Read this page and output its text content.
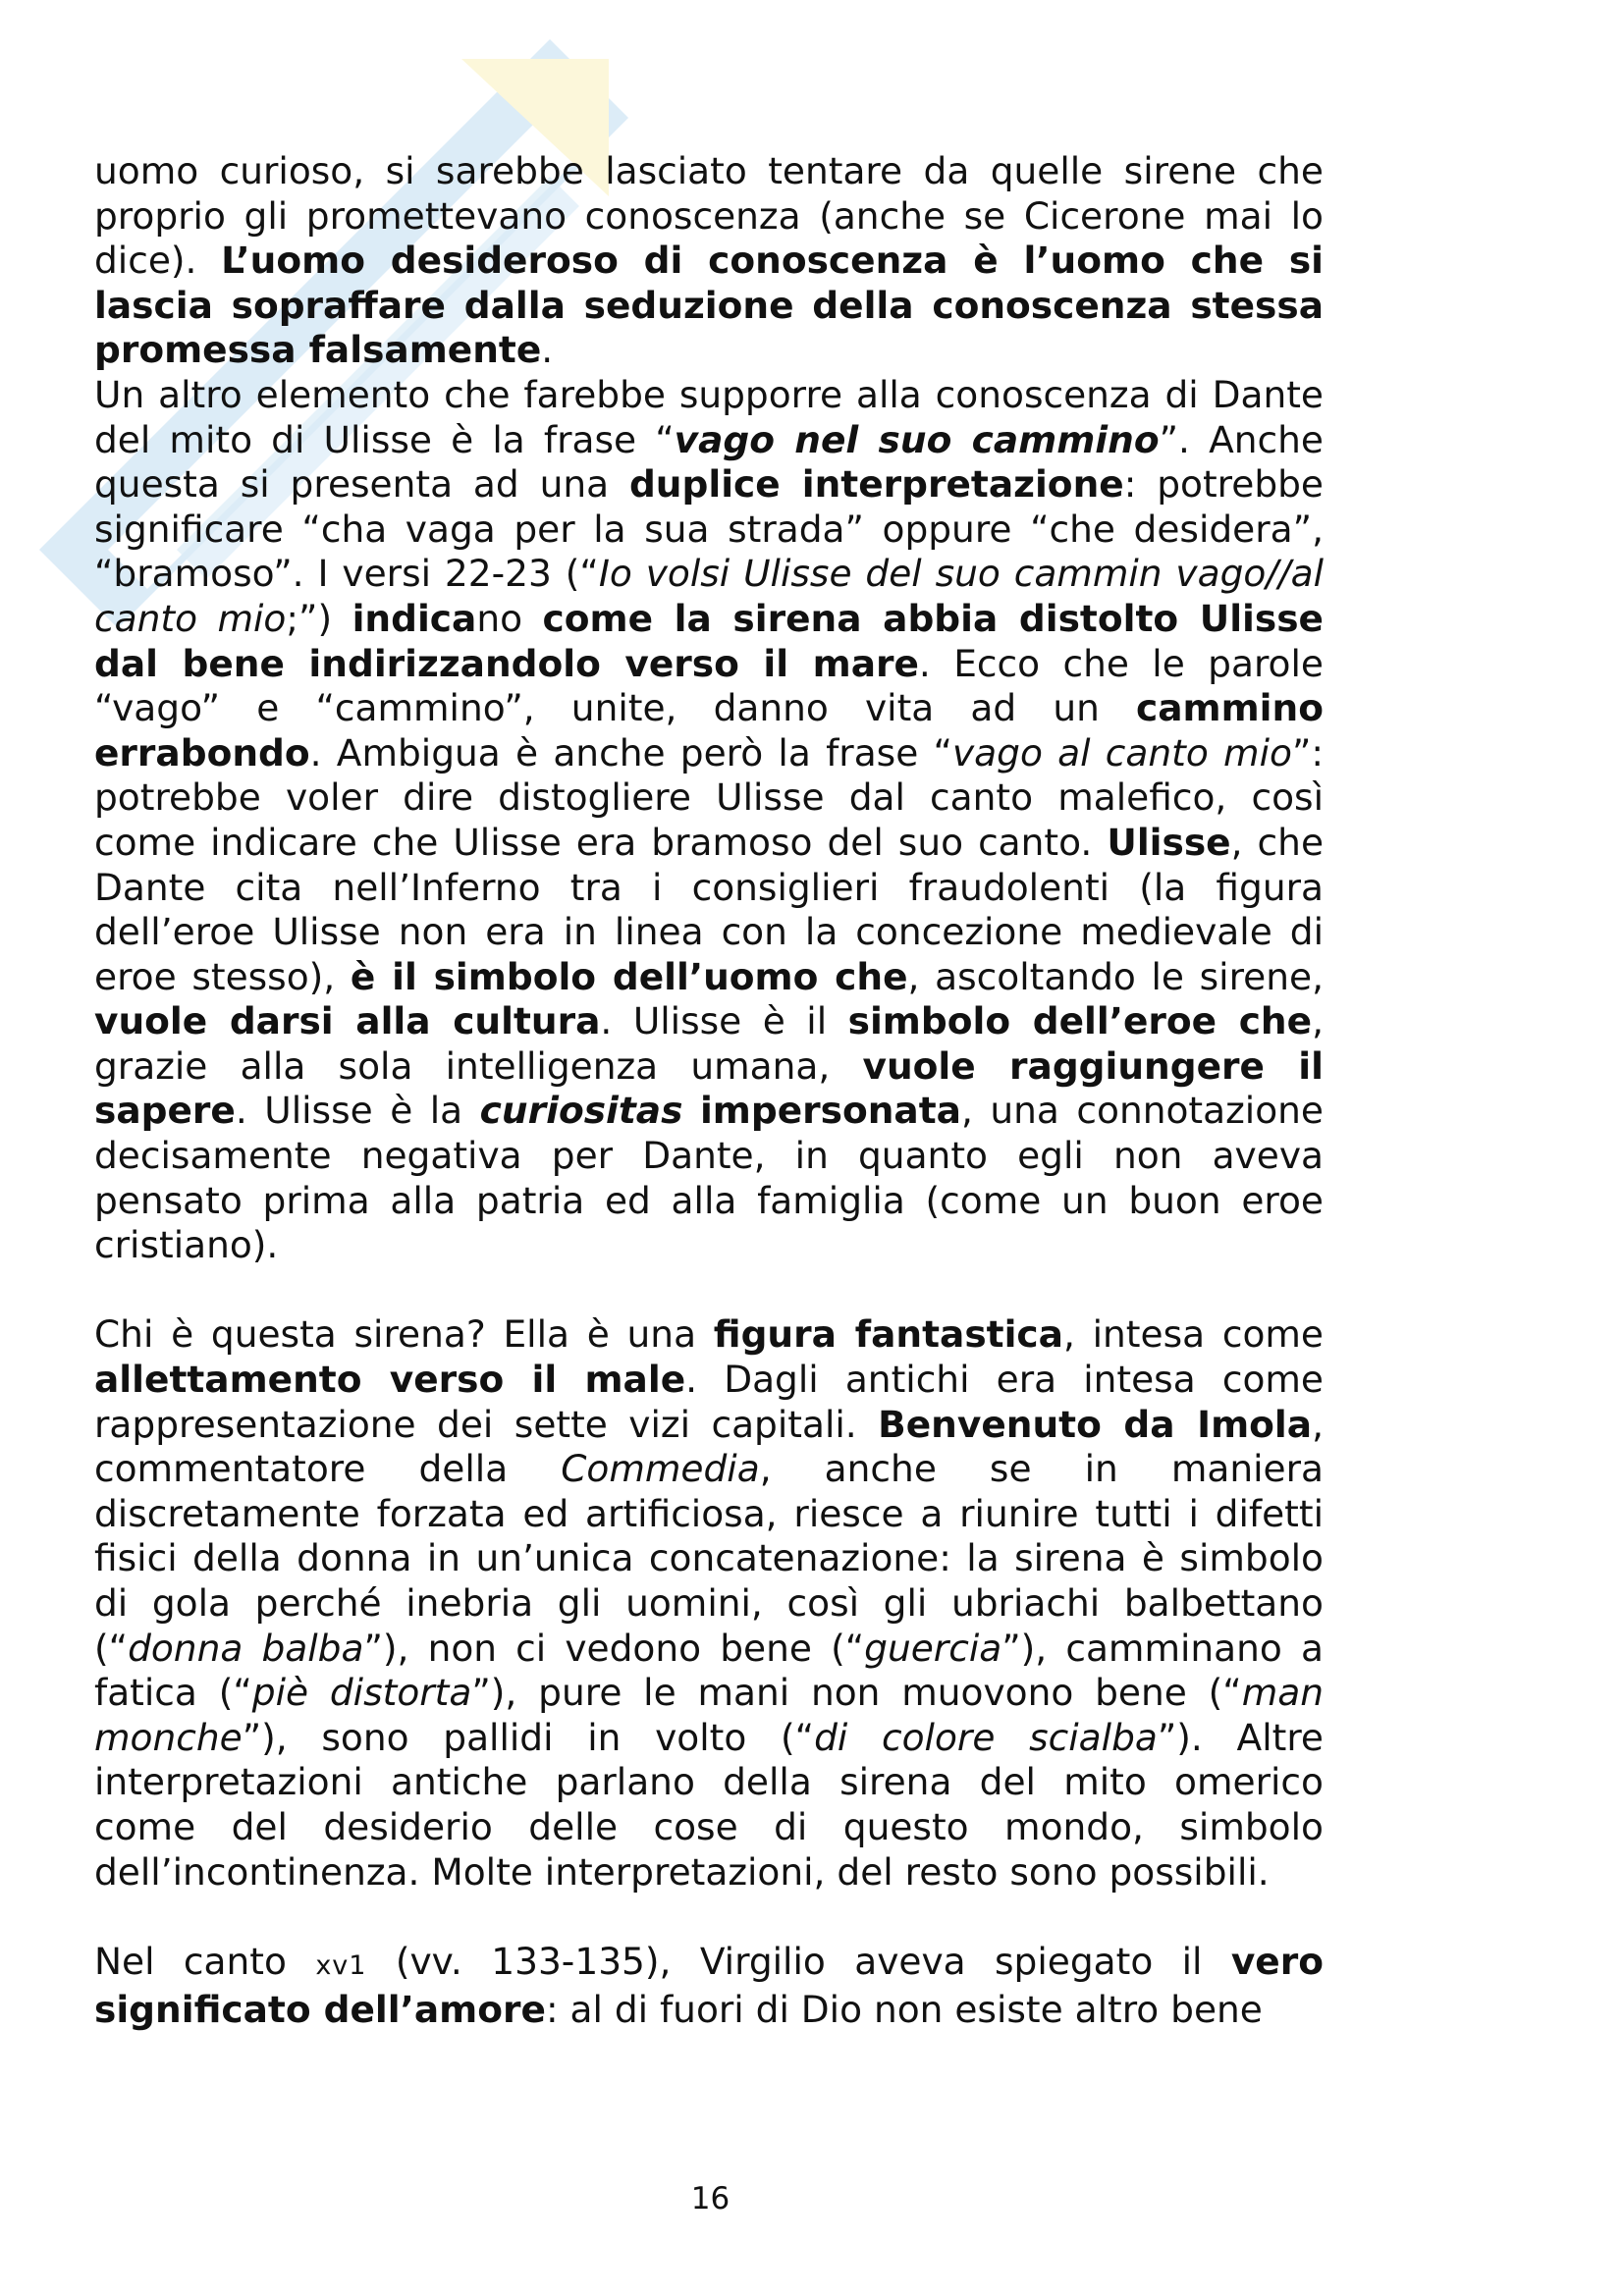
uomo curioso, si sarebbe lasciato tentare da quelle sirene che proprio gli promettevano conoscenza (anche se Cicerone mai lo dice). L’uomo desideroso di conoscenza è l’uomo che si lascia sopraffare dalla seduzione della conoscenza stessa promessa falsamente.

Un altro elemento che farebbe supporre alla conoscenza di Dante del mito di Ulisse è la frase “vago nel suo cammino”. Anche questa si presenta ad una duplice interpretazione: potrebbe significare “cha vaga per la sua strada” oppure “che desidera”, “bramoso”. I versi 22-23 (“Io volsi Ulisse del suo cammin vago//al canto mio;”) indicano come la sirena abbia distolto Ulisse dal bene indirizzandolo verso il mare. Ecco che le parole “vago” e “cammino”, unite, danno vita ad un cammino errabondo. Ambigua è anche però la frase “vago al canto mio”: potrebbe voler dire distogliere Ulisse dal canto malefico, così come indicare che Ulisse era bramoso del suo canto. Ulisse, che Dante cita nell’Inferno tra i consiglieri fraudolenti (la figura dell’eroe Ulisse non era in linea con la concezione medievale di eroe stesso), è il simbolo dell’uomo che, ascoltando le sirene, vuole darsi alla cultura. Ulisse è il simbolo dell’eroe che, grazie alla sola intelligenza umana, vuole raggiungere il sapere. Ulisse è la curiositas impersonata, una connotazione decisamente negativa per Dante, in quanto egli non aveva pensato prima alla patria ed alla famiglia (come un buon eroe cristiano).

Chi è questa sirena? Ella è una figura fantastica, intesa come allettamento verso il male. Dagli antichi era intesa come rappresentazione dei sette vizi capitali. Benvenuto da Imola, commentatore della Commedia, anche se in maniera discretamente forzata ed artificiosa, riesce a riunire tutti i difetti fisici della donna in un’unica concatenazione: la sirena è simbolo di gola perché inebria gli uomini, così gli ubriachi balbettano (“donna balba”), non ci vedono bene (“guercia”), camminano a fatica (“piè distorta”), pure le mani non muovono bene (“man monche”), sono pallidi in volto (“di colore scialba”). Altre interpretazioni antiche parlano della sirena del mito omerico come del desiderio delle cose di questo mondo, simbolo dell’incontinenza. Molte interpretazioni, del resto sono possibili.

Nel canto xv1 (vv. 133-135), Virgilio aveva spiegato il vero significato dell’amore: al di fuori di Dio non esiste altro bene

16
